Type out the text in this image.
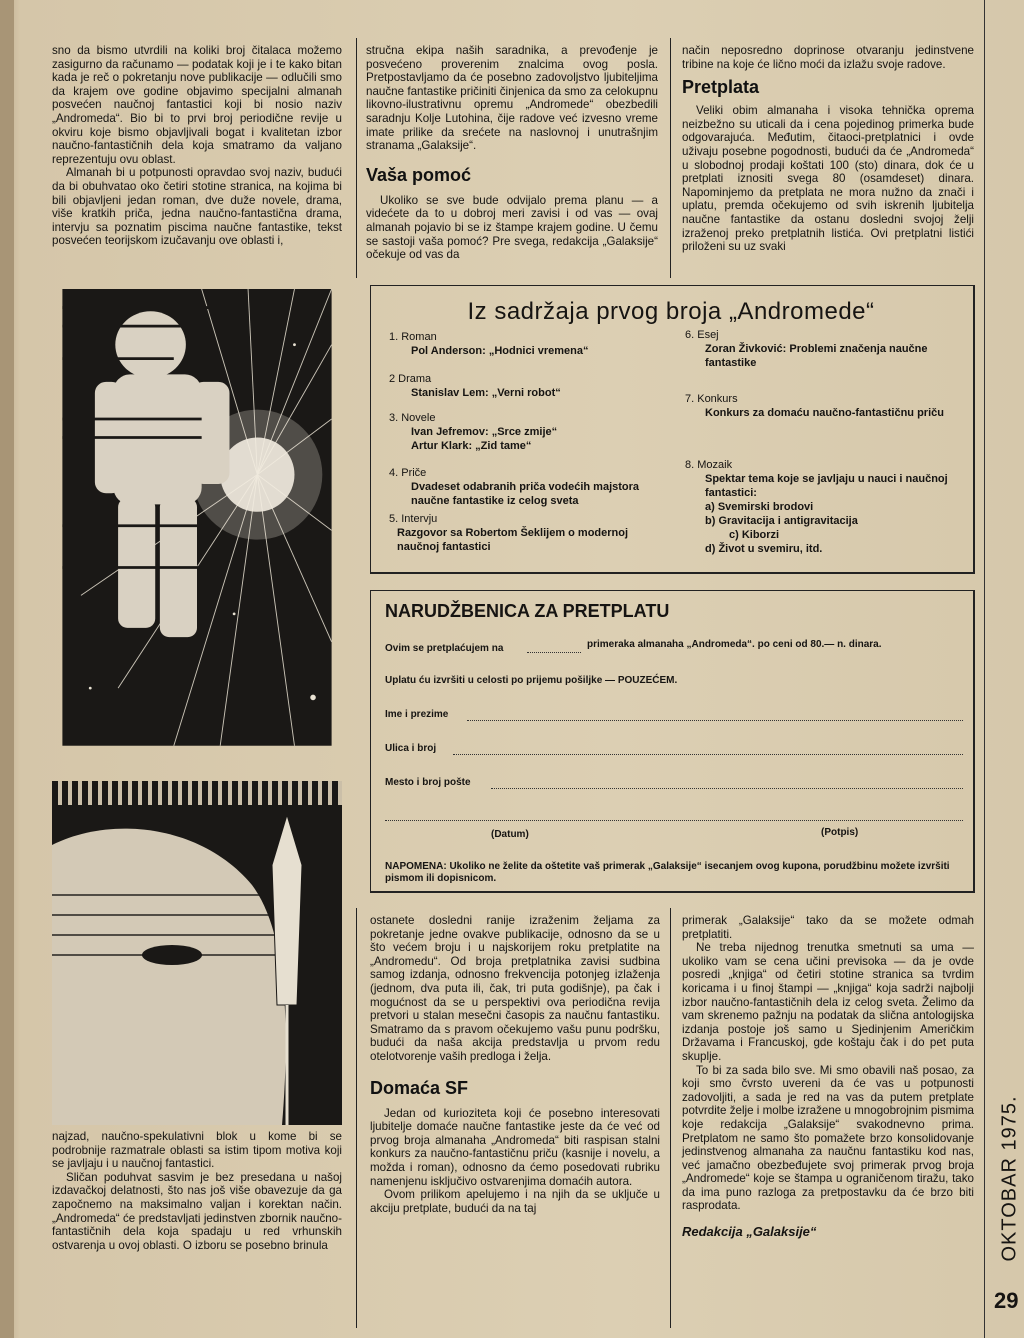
sno da bismo utvrdili na koliki broj čitalaca možemo zasigurno da računamo — podatak koji je i te kako bitan kada je reč o pokretanju nove publikacije — odlučili smo da krajem ove godine objavimo specijalni almanah posvećen naučnoj fantastici koji bi nosio naziv „Andromeda“. Bio bi to prvi broj periodične revije u okviru koje bismo objavljivali bogat i kvalitetan izbor naučno-fantastičnih dela koja smatramo da valjano reprezentuju ovu oblast.

Almanah bi u potpunosti opravdao svoj naziv, budući da bi obuhvatao oko četiri stotine stranica, na kojima bi bili objavljeni jedan roman, dve duže novele, drama, više kratkih priča, jedna naučno-fantastična drama, intervju sa poznatim piscima naučne fantastike, tekst posvećen teorijskom izučavanju ove oblasti i,

stručna ekipa naših saradnika, a prevođenje je posvećeno proverenim znalcima ovog posla. Pretpostavljamo da će posebno zadovoljstvo ljubiteljima naučne fantastike pričiniti činjenica da smo za celokupnu likovno-ilustrativnu opremu „Andromede“ obezbedili saradnju Kolje Lutohina, čije radove već izvesno vreme imate prilike da srećete na naslovnoj i unutrašnjim stranama „Galaksije“.

Vaša pomoć

Ukoliko se sve bude odvijalo prema planu — a videćete da to u dobroj meri zavisi i od vas — ovaj almanah pojavio bi se iz štampe krajem godine. U čemu se sastoji vaša pomoć? Pre svega, redakcija „Galaksije“ očekuje od vas da

način neposredno doprinose otvaranju jedinstvene tribine na koje će lično moći da izlažu svoje radove.

Pretplata

Veliki obim almanaha i visoka tehnička oprema neizbežno su uticali da i cena pojedinog primerka bude odgovarajuća. Međutim, čitaoci-pretplatnici i ovde uživaju posebne pogodnosti, budući da će „Andromeda“ u slobodnoj prodaji koštati 100 (sto) dinara, dok će u pretplati iznositi svega 80 (osamdeset) dinara. Napominjemo da pretplata ne mora nužno da znači i uplatu, premda očekujemo od svih iskrenih ljubitelja naučne fantastike da ostanu dosledni svojoj želji izraženoj preko pretplatnih listića. Ovi pretplatni listići priloženi su uz svaki

Iz sadržaja prvog broja „Andromede“
1. Roman
Pol Anderson: „Hodnici vremena“
2 Drama
Stanislav Lem: „Verni robot“
3. Novele
Ivan Jefremov: „Srce zmije“
Artur Klark: „Zid tame“
4. Priče
Dvadeset odabranih priča vodećih majstora naučne fantastike iz celog sveta
5. Intervju
Razgovor sa Robertom Šeklijem o modernoj naučnoj fantastici
6. Esej
Zoran Živković: Problemi značenja naučne fantastike
7. Konkurs
Konkurs za domaću naučno-fantastičnu priču
8. Mozaik
Spektar tema koje se javljaju u nauci i naučnoj fantastici:
a) Svemirski brodovi
b) Gravitacija i antigravitacija
c) Kiborzi
d) Život u svemiru, itd.
NARUDŽBENICA ZA PRETPLATU
Ovim se pretplaćujem na	primeraka almanaha „Andromeda“. po ceni od 80.— n. dinara.
Uplatu ću izvršiti u celosti po prijemu pošiljke — POUZEĆEM.
Ime i prezime
Ulica i broj
Mesto i broj pošte
(Datum)	(Potpis)
NAPOMENA: Ukoliko ne želite da oštetite vaš primerak „Galaksije“ isecanjem ovog kupona, porudžbinu možete izvršiti pismom ili dopisnicom.

najzad, naučno-spekulativni blok u kome bi se podrobnije razmatrale oblasti sa istim tipom motiva koji se javljaju i u naučnoj fantastici.

Sličan poduhvat sasvim je bez presedana u našoj izdavačkoj delatnosti, što nas još više obavezuje da ga započnemo na maksimalno valjan i korektan način. „Andromeda“ će predstavljati jedinstven zbornik naučno-fantastičnih dela koja spadaju u red vrhunskih ostvarenja u ovoj oblasti. O izboru se posebno brinula

ostanete dosledni ranije izraženim željama za pokretanje jedne ovakve publikacije, odnosno da se u što većem broju i u najskorijem roku pretplatite na „Andromedu“. Od broja pretplatnika zavisi sudbina samog izdanja, odnosno frekvencija potonjeg izlaženja (jednom, dva puta ili, čak, tri puta godišnje), pa čak i mogućnost da se u perspektivi ova periodična revija pretvori u stalan mesečni časopis za naučnu fantastiku. Smatramo da s pravom očekujemo vašu punu podršku, budući da naša akcija predstavlja u prvom redu otelotvorenje vaših predloga i želja.

Domaća SF

Jedan od kurioziteta koji će posebno interesovati ljubitelje domaće naučne fantastike jeste da će već od prvog broja almanaha „Andromeda“ biti raspisan stalni konkurs za naučno-fantastičnu priču (kasnije i novelu, a možda i roman), odnosno da ćemo posedovati rubriku namenjenu isključivo ostvarenjima domaćih autora.

Ovom prilikom apelujemo i na njih da se uključe u akciju pretplate, budući da na taj

primerak „Galaksije“ tako da se možete odmah pretplatiti.

Ne treba nijednog trenutka smetnuti sa uma — ukoliko vam se cena učini previsoka — da je ovde posredi „knjiga“ od četiri stotine stranica sa tvrdim koricama i u finoj štampi — „knjiga“ koja sadrži najbolji izbor naučno-fantastičnih dela iz celog sveta. Želimo da vam skrenemo pažnju na podatak da slična antologijska izdanja postoje još samo u Sjedinjenim Američkim Državama i Francuskoj, gde koštaju čak i do pet puta skuplje.

To bi za sada bilo sve. Mi smo obavili naš posao, za koji smo čvrsto uvereni da će vas u potpunosti zadovoljiti, a sada je red na vas da putem pretplate potvrdite želje i molbe izražene u mnogobrojnim pismima koje redakcija „Galaksije“ svakodnevno prima. Pretplatom ne samo što pomažete brzo konsolidovanje jedinstvenog almanaha za naučnu fantastiku kod nas, već jamačno obezbeđujete svoj primerak prvog broja „Andromede“ koje se štampa u ograničenom tiražu, tako da ima puno razloga za pretpostavku da će brzo biti rasprodata.

Redakcija „Galaksije“	OKTOBAR 1975.
29
